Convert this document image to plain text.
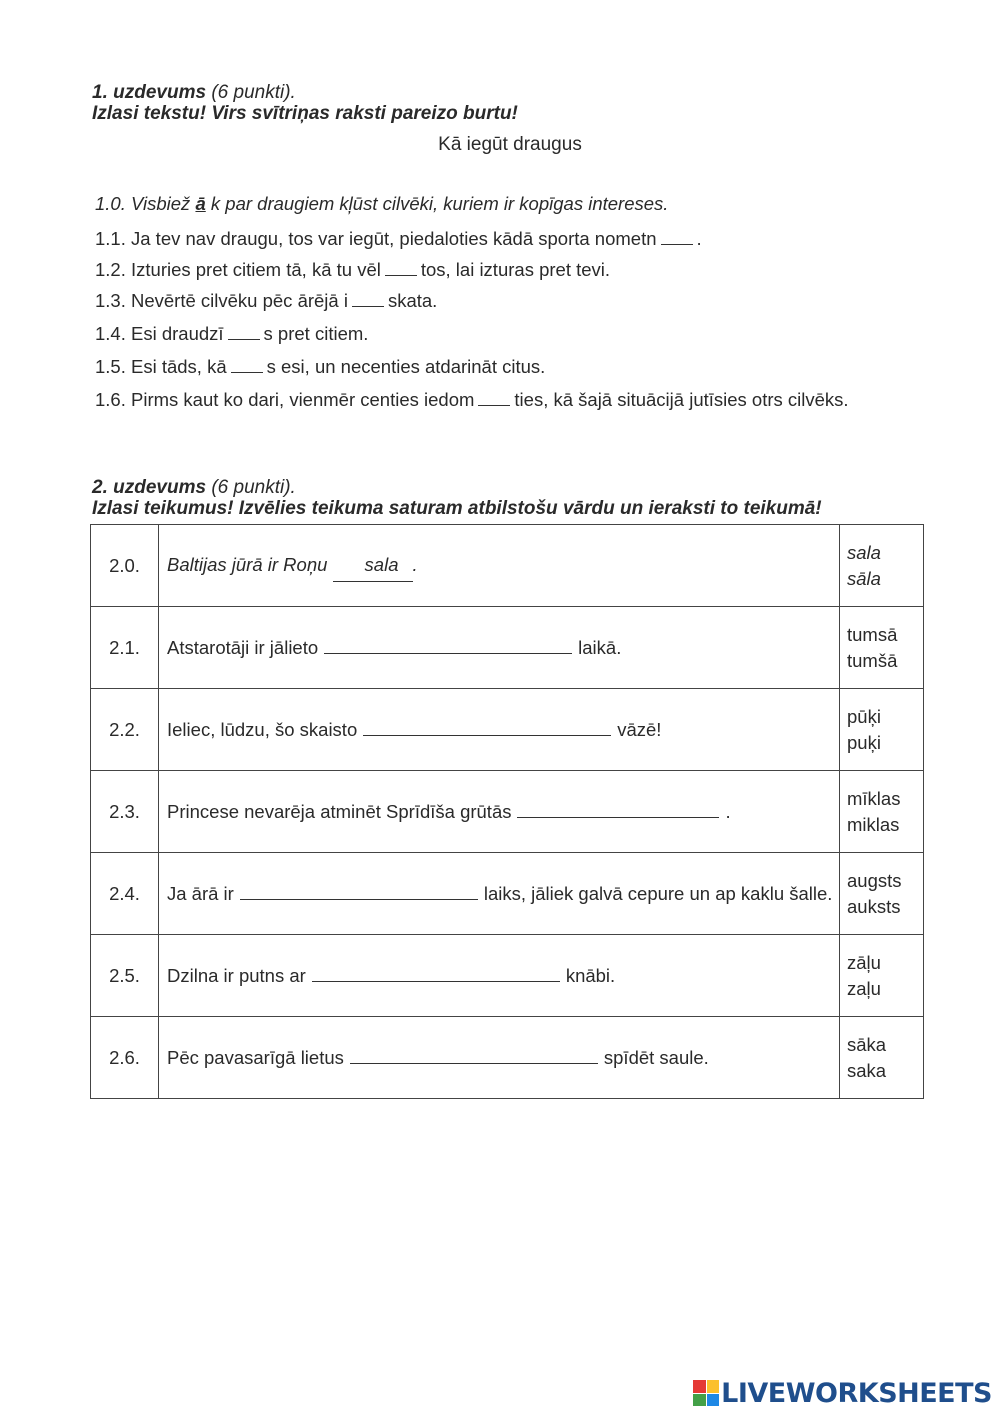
1. uzdevums (6 punkti).
Izlasi tekstu! Virs svītriņas raksti pareizo burtu!
Kā iegūt draugus
1.0. Visbiež ā k par draugiem kļūst cilvēki, kuriem ir kopīgas intereses.
1.1. Ja tev nav draugu, tos var iegūt, piedaloties kādā sporta nometn .
1.2. Izturies pret citiem tā, kā tu vēl tos, lai izturas pret tevi.
1.3. Nevērtē cilvēku pēc ārējā i skata.
1.4. Esi draudzī s pret citiem.
1.5. Esi tāds, kā s esi, un necenties atdarināt citus.
1.6. Pirms kaut ko dari, vienmēr centies iedom ties, kā šajā situācijā jutīsies otrs cilvēks.
2. uzdevums (6 punkti).
Izlasi teikumus! Izvēlies teikuma saturam atbilstošu vārdu un ieraksti to teikumā!
2.0.	Baltijas jūrā ir Roņu sala .	sala
sāla

2.1.	Atstarotāji ir jālieto laikā.	tumsā
tumšā

2.2.	Ieliec, lūdzu, šo skaisto vāzē!	pūķi
puķi

2.3.	Princese nevarēja atminēt Sprīdīša grūtās .	mīklas
miklas

2.4.	Ja ārā ir laiks, jāliek galvā cepure un ap kaklu šalle.	augsts
auksts

2.5.	Dzilna ir putns ar knābi.	zāļu
zaļu

2.6.	Pēc pavasarīgā lietus spīdēt saule.	sāka
saka
LIVEWORKSHEETS
